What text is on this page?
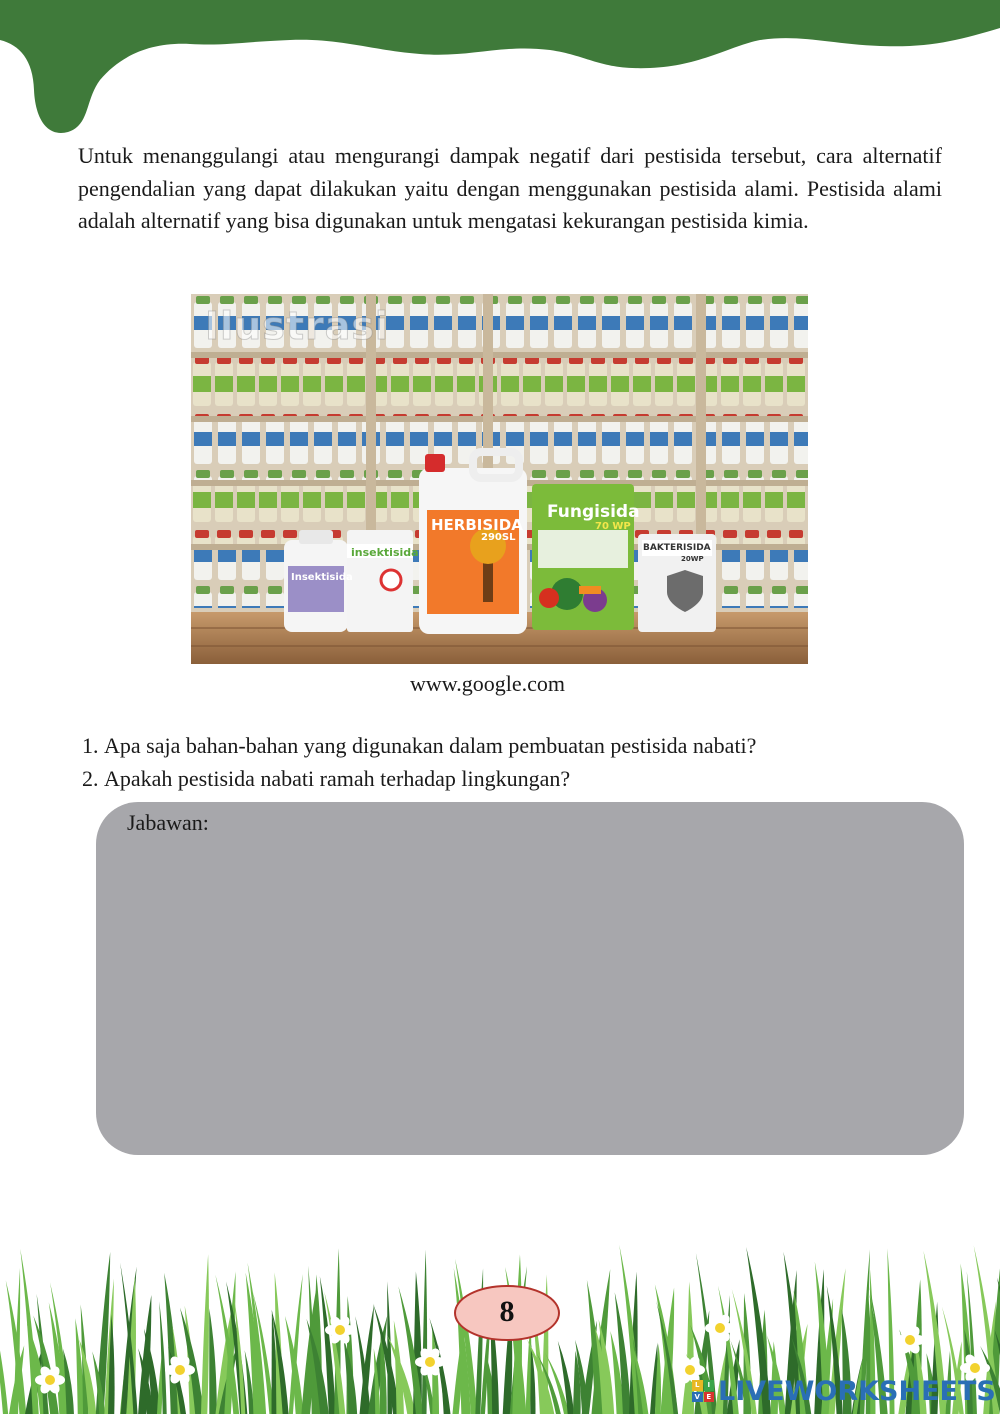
Untuk menanggulangi atau mengurangi dampak negatif dari pestisida tersebut, cara alternatif pengendalian yang dapat dilakukan yaitu dengan menggunakan pestisida alami. Pestisida alami adalah alternatif yang bisa digunakan untuk mengatasi kekurangan pestisida kimia.

Ilustrasi
Insektisida
insektisida
HERBISIDA
290SL
Fungisida
70 WP
BAKTERISIDA
20WP
www.google.com
1. Apa saja bahan-bahan yang digunakan dalam pembuatan pestisida nabati?
2. Apakah pestisida nabati ramah terhadap lingkungan?
Jabawan:
8
L	I
V E LIVEWORKSHEETS
